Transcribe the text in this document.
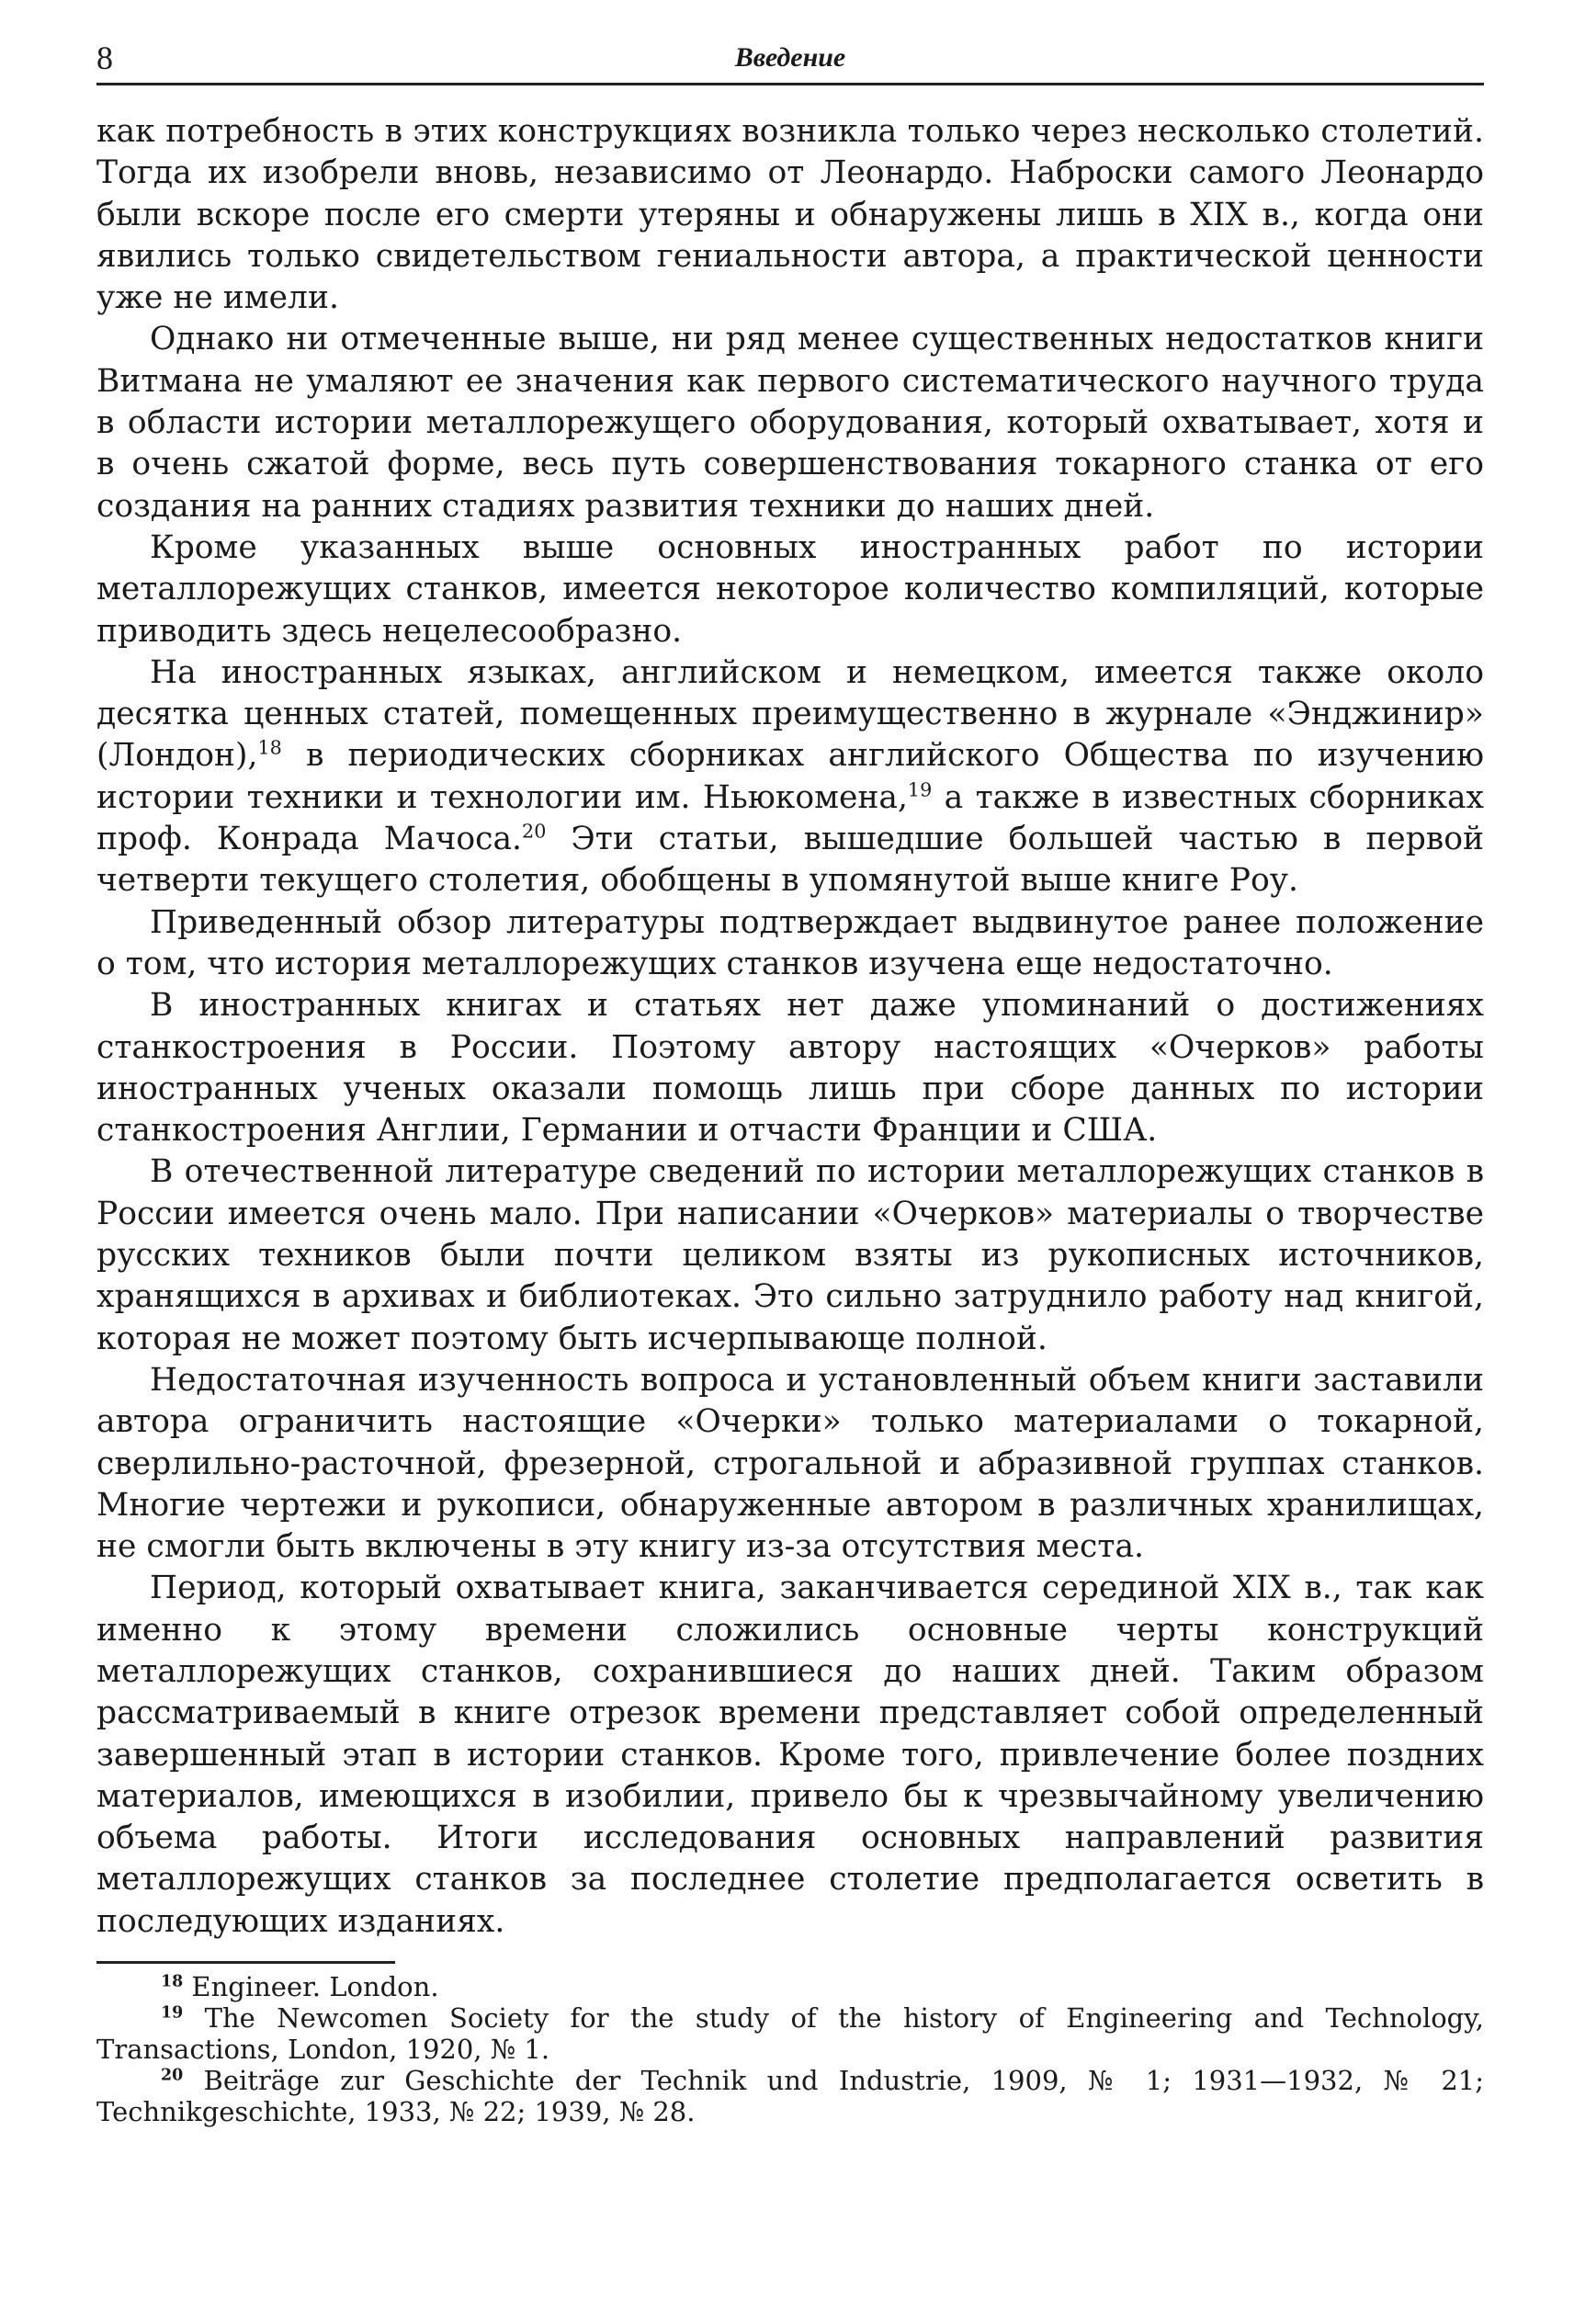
8	Введение

как потребность в этих конструкциях возникла только через несколько столетий. Тогда их изобрели вновь, независимо от Леонардо. Наброски самого Леонардо были вскоре после его смерти утеряны и обнаружены лишь в XIX в., когда они явились только свидетельством гениальности автора, а практической ценности уже не имели.

Однако ни отмеченные выше, ни ряд менее существенных недостатков книги Витмана не умаляют ее значения как первого систематического научного труда в области истории металлорежущего оборудования, который охватывает, хотя и в очень сжатой форме, весь путь совершенствования токарного станка от его создания на ранних стадиях развития техники до наших дней.

Кроме указанных выше основных иностранных работ по истории металлорежущих станков, имеется некоторое количество компиляций, которые приводить здесь нецелесообразно.

На иностранных языках, английском и немецком, имеется также около десятка ценных статей, помещенных преимущественно в журнале «Энджинир» (Лондон),$^{18}$ в периодических сборниках английского Общества по изучению истории техники и технологии им. Ньюкомена,$^{19}$ а также в известных сборниках проф. Конрада Мачоса.$^{20}$ Эти статьи, вышедшие большей частью в первой четверти текущего столетия, обобщены в упомянутой выше книге Роу.

Приведенный обзор литературы подтверждает выдвинутое ранее положение о том, что история металлорежущих станков изучена еще недостаточно.

В иностранных книгах и статьях нет даже упоминаний о достижениях станкостроения в России. Поэтому автору настоящих «Очерков» работы иностранных ученых оказали помощь лишь при сборе данных по истории станкостроения Англии, Германии и отчасти Франции и США.

В отечественной литературе сведений по истории металлорежущих станков в России имеется очень мало. При написании «Очерков» материалы о творчестве русских техников были почти целиком взяты из рукописных источников, хранящихся в архивах и библиотеках. Это сильно затруднило работу над книгой, которая не может поэтому быть исчерпывающе полной.

Недостаточная изученность вопроса и установленный объем книги заставили автора ограничить настоящие «Очерки» только материалами о токарной, сверлильно-расточной, фрезерной, строгальной и абразивной группах станков. Многие чертежи и рукописи, обнаруженные автором в различных хранилищах, не смогли быть включены в эту книгу из-за отсутствия места.

Период, который охватывает книга, заканчивается серединой XIX в., так как именно к этому времени сложились основные черты конструкций металлорежущих станков, сохранившиеся до наших дней. Таким образом рассматриваемый в книге отрезок времени представляет собой определенный завершенный этап в истории станков. Кроме того, привлечение более поздних материалов, имеющихся в изобилии, привело бы к чрезвычайному увеличению объема работы. Итоги исследования основных направлений развития металлорежущих станков за последнее столетие предполагается осветить в последующих изданиях.

$^{18}$ Engineer. London.

$^{19}$ The Newcomen Society for the study of the history of Engineering and Technology, Transactions, London, 1920, № 1.

$^{20}$ Beiträge zur Geschichte der Technik und Industrie, 1909, № 1; 1931—1932, № 21; Technikgeschichte, 1933, № 22; 1939, № 28.
